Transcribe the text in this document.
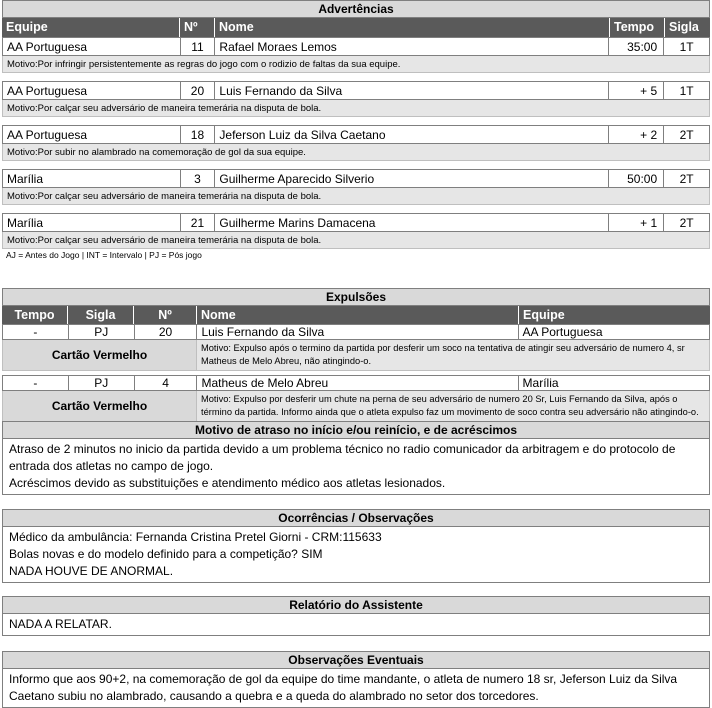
Advertências
Equipe	Nº	Nome	Tempo	Sigla
AA Portuguesa	11	Rafael Moraes Lemos	35:00	1T
Motivo:Por infringir persistentemente as regras do jogo com o rodizio de faltas da sua equipe.
AA Portuguesa	20	Luis Fernando da Silva	+ 5	1T
Motivo:Por calçar seu adversário de maneira temerária na disputa de bola.
AA Portuguesa	18	Jeferson Luiz da Silva Caetano	+ 2	2T
Motivo:Por subir no alambrado na comemoração de gol da sua equipe.
Marília	3	Guilherme Aparecido Silverio	50:00	2T
Motivo:Por calçar seu adversário de maneira temerária na disputa de bola.
Marília	21	Guilherme Marins Damacena	+ 1	2T
Motivo:Por calçar seu adversário de maneira temerária na disputa de bola.
AJ = Antes do Jogo | INT = Intervalo | PJ = Pós jogo
Expulsões
Tempo	Sigla	Nº	Nome	Equipe
-	PJ	20	Luis Fernando da Silva	AA Portuguesa
Cartão Vermelho	Motivo: Expulso após o termino da partida por desferir um soco na tentativa de atingir seu adversário de numero 4, sr Matheus de Melo Abreu, não atingindo-o.
-	PJ	4	Matheus de Melo Abreu	Marília
Cartão Vermelho	Motivo: Expulso por desferir um chute na perna de seu adversário de numero 20 Sr, Luis Fernando da Silva, após o término da partida. Informo ainda que o atleta expulso faz um movimento de soco contra seu adversário não atingindo-o.
Motivo de atraso no início e/ou reinício, e de acréscimos
Atraso de 2 minutos no inicio da partida devido a um problema técnico no radio comunicador da arbitragem e do protocolo de entrada dos atletas no campo de jogo.
Acréscimos devido as substituições e atendimento médico aos atletas lesionados.
Ocorrências / Observações
Médico da ambulância: Fernanda Cristina Pretel Giorni - CRM:115633
Bolas novas e do modelo definido para a competição? SIM
NADA HOUVE DE ANORMAL.
Relatório do Assistente
NADA A RELATAR.
Observações Eventuais
Informo que aos 90+2, na comemoração de gol da equipe do time mandante, o atleta de numero 18 sr, Jeferson Luiz da Silva Caetano subiu no alambrado, causando a quebra e a queda do alambrado no setor dos torcedores.
